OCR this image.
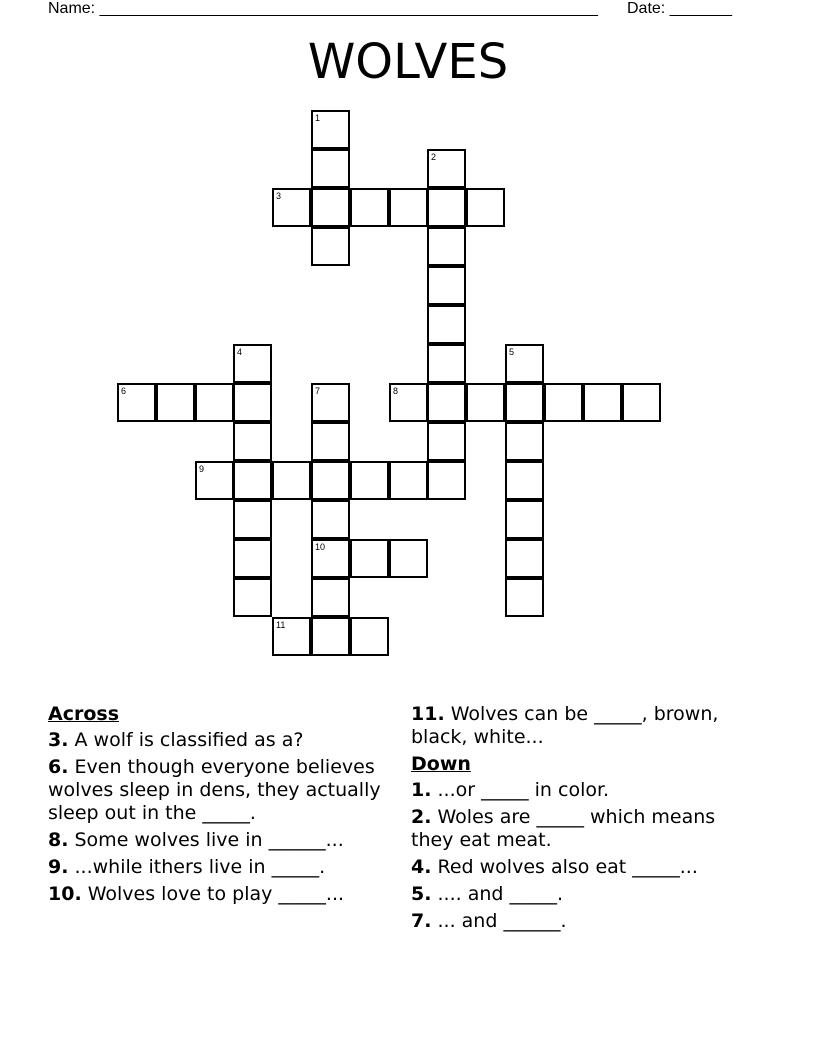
Name: ________________________________________________________ Date: _______
WOLVES
1
2
3
4	5
6	7
10
8
9
11
Across
3. A wolf is classified as a?
6. Even though everyone believes wolves sleep in dens, they actually sleep out in the _____.
8. Some wolves live in ______...
9. ...while ithers live in _____.
10. Wolves love to play _____...
11. Wolves can be _____, brown, black, white...
Down
1. ...or _____ in color.
2. Woles are _____ which means they eat meat.
4. Red wolves also eat _____...
5. .... and _____.
7. ... and ______.
